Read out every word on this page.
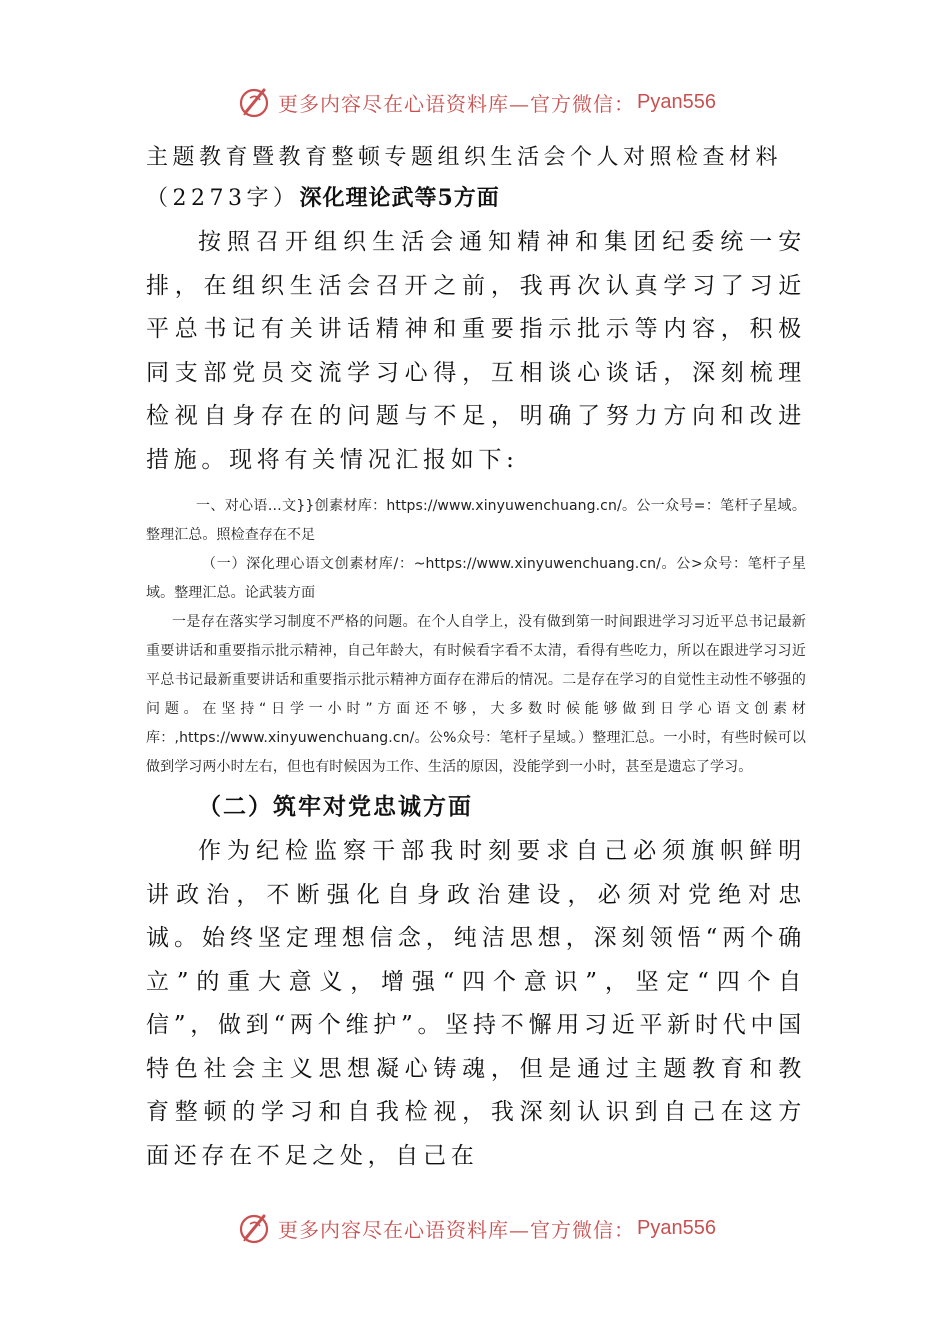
更多内容尽在心语资料库—官方微信： Pyan556

主题教育暨教育整顿专题组织生活会个人对照检查材料

（2273字）深化理论武等5方面

按照召开组织生活会通知精神和集团纪委统一安排，在组织生活会召开之前，我再次认真学习了习近平总书记有关讲话精神和重要指示批示等内容，积极同支部党员交流学习心得，互相谈心谈话，深刻梳理检视自身存在的问题与不足，明确了努力方向和改进措施。现将有关情况汇报如下:

一、对心语…文}}创素材库：https://www.xinyuwenchuang.cn/。公一众号=：笔杆子星域。整理汇总。照检查存在不足

（一）深化理心语文创素材库/：~https://www.xinyuwenchuang.cn/。公>众号：笔杆子星域。整理汇总。论武装方面

一是存在落实学习制度不严格的问题。在个人自学上，没有做到第一时间跟进学习习近平总书记最新重要讲话和重要指示批示精神，自己年龄大，有时候看字看不太清，看得有些吃力，所以在跟进学习习近平总书记最新重要讲话和重要指示批示精神方面存在滞后的情况。二是存在学习的自觉性主动性不够强的问题。在坚持“日学一小时”方面还不够，大多数时候能够做到日学心语文创素材库：,https://www.xinyuwenchuang.cn/。公%众号：笔杆子星域。）整理汇总。一小时，有些时候可以做到学习两小时左右，但也有时候因为工作、生活的原因，没能学到一小时，甚至是遗忘了学习。

（二）筑牢对党忠诚方面

作为纪检监察干部我时刻要求自己必须旗帜鲜明讲政治，不断强化自身政治建设，必须对党绝对忠诚。始终坚定理想信念，纯洁思想，深刻领悟“两个确立”的重大意义，增强“四个意识”，坚定“四个自信”，做到“两个维护”。坚持不懈用习近平新时代中国特色社会主义思想凝心铸魂，但是通过主题教育和教育整顿的学习和自我检视，我深刻认识到自己在这方面还存在不足之处，自己在

更多内容尽在心语资料库—官方微信： Pyan556
